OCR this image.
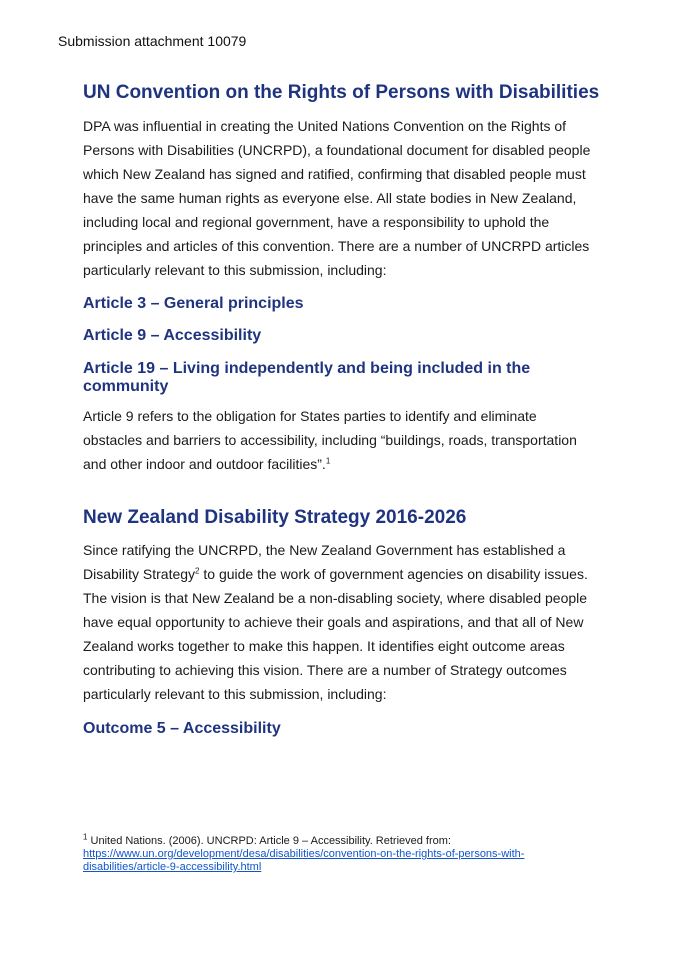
Submission attachment 10079
UN Convention on the Rights of Persons with Disabilities

DPA was influential in creating the United Nations Convention on the Rights of Persons with Disabilities (UNCRPD), a foundational document for disabled people which New Zealand has signed and ratified, confirming that disabled people must have the same human rights as everyone else. All state bodies in New Zealand, including local and regional government, have a responsibility to uphold the principles and articles of this convention. There are a number of UNCRPD articles particularly relevant to this submission, including:

Article 3 – General principles
Article 9 – Accessibility
Article 19 – Living independently and being included in the community

Article 9 refers to the obligation for States parties to identify and eliminate obstacles and barriers to accessibility, including “buildings, roads, transportation and other indoor and outdoor facilities”.$^1$

New Zealand Disability Strategy 2016-2026

Since ratifying the UNCRPD, the New Zealand Government has established a Disability Strategy$^2$ to guide the work of government agencies on disability issues. The vision is that New Zealand be a non-disabling society, where disabled people have equal opportunity to achieve their goals and aspirations, and that all of New Zealand works together to make this happen. It identifies eight outcome areas contributing to achieving this vision. There are a number of Strategy outcomes particularly relevant to this submission, including:

Outcome 5 – Accessibility
$^1$ United Nations. (2006). UNCRPD: Article 9 – Accessibility. Retrieved from:
https://www.un.org/development/desa/disabilities/convention-on-the-rights-of-persons-with-disabilities/article-9-accessibility.html
